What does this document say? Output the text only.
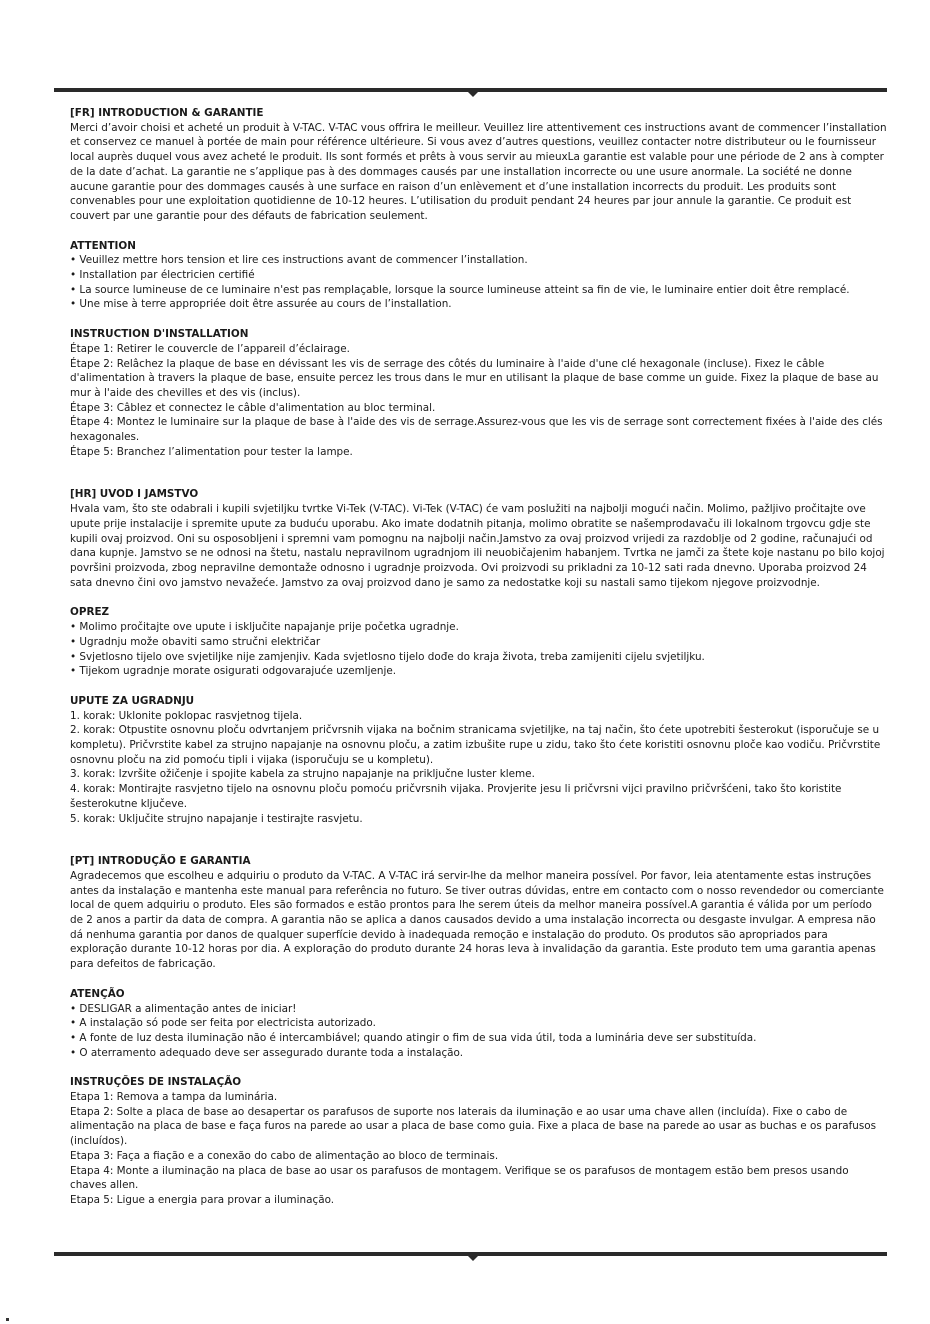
[FR] INTRODUCTION & GARANTIE

Merci d’avoir choisi et acheté un produit à V-TAC. V-TAC vous offrira le meilleur. Veuillez lire attentivement ces instructions avant de commencer l’installation et conservez ce manuel à portée de main pour référence ultérieure. Si vous avez d’autres questions, veuillez contacter notre distributeur ou le fournisseur local auprès duquel vous avez acheté le produit. Ils sont formés et prêts à vous servir au mieuxLa garantie est valable pour une période de 2 ans à compter de la date d’achat. La garantie ne s’applique pas à des dommages causés par une installation incorrecte ou une usure anormale. La société ne donne aucune garantie pour des dommages causés à une surface en raison d’un enlèvement et d’une installation incorrects du produit. Les produits sont convenables pour une exploitation quotidienne de 10-12 heures. L’utilisation du produit pendant 24 heures par jour annule la garantie. Ce produit est couvert par une garantie pour des défauts de fabrication seulement.

ATTENTION

• Veuillez mettre hors tension et lire ces instructions avant de commencer l’installation.
• Installation par électricien certifié
• La source lumineuse de ce luminaire n'est pas remplaçable, lorsque la source lumineuse atteint sa fin de vie, le luminaire entier doit être remplacé.
• Une mise à terre appropriée doit être assurée au cours de l’installation.

INSTRUCTION D'INSTALLATION

Étape 1: Retirer le couvercle de l’appareil d’éclairage.
Étape 2: Relâchez la plaque de base en dévissant les vis de serrage des côtés du luminaire à l'aide d'une clé hexagonale (incluse). Fixez le câble d'alimentation à travers la plaque de base, ensuite percez les trous dans le mur en utilisant la plaque de base comme un guide. Fixez la plaque de base au mur à l'aide des chevilles et des vis (inclus).
Étape 3: Câblez et connectez le câble d'alimentation au bloc terminal.
Étape 4: Montez le luminaire sur la plaque de base à l'aide des vis de serrage.Assurez-vous que les vis de serrage sont correctement fixées à l'aide des clés hexagonales.
Étape 5: Branchez l’alimentation pour tester la lampe.

[HR] UVOD I JAMSTVO

Hvala vam, što ste odabrali i kupili svjetiljku tvrtke Vi-Tek (V-TAC). Vi-Tek (V-TAC) će vam poslužiti na najbolji mogući način. Molimo, pažljivo pročitajte ove upute prije instalacije i spremite upute za buduću uporabu. Ako imate dodatnih pitanja, molimo obratite se našemprodavaču ili lokalnom trgovcu gdje ste kupili ovaj proizvod. Oni su osposobljeni i spremni vam pomognu na najbolji način.Jamstvo za ovaj proizvod vrijedi za razdoblje od 2 godine, računajući od dana kupnje. Jamstvo se ne odnosi na štetu, nastalu nepravilnom ugradnjom ili neuobičajenim habanjem. Tvrtka ne jamči za štete koje nastanu po bilo kojoj površini proizvoda, zbog nepravilne demontaže odnosno i ugradnje proizvoda. Ovi proizvodi su prikladni za 10-12 sati rada dnevno. Uporaba proizvod 24 sata dnevno čini ovo jamstvo nevažeće. Jamstvo za ovaj proizvod dano je samo za nedostatke koji su nastali samo tijekom njegove proizvodnje.

OPREZ

• Molimo pročitajte ove upute i isključite napajanje prije početka ugradnje.
• Ugradnju može obaviti samo stručni električar
• Svjetlosno tijelo ove svjetiljke nije zamjenjiv. Kada svjetlosno tijelo dođe do kraja života, treba zamijeniti cijelu svjetiljku.
• Tijekom ugradnje morate osigurati odgovarajuće uzemljenje.

UPUTE ZA UGRADNJU

1. korak: Uklonite poklopac rasvjetnog tijela.
2. korak: Otpustite osnovnu ploču odvrtanjem pričvrsnih vijaka na bočnim stranicama svjetiljke, na taj način, što ćete upotrebiti šesterokut (isporučuje se u kompletu). Pričvrstite kabel za strujno napajanje na osnovnu ploču, a zatim izbušite rupe u zidu, tako što ćete koristiti osnovnu ploče kao vodiču. Pričvrstite osnovnu ploču na zid pomoću tipli i vijaka (isporučuju se u kompletu).
3. korak: Izvršite ožičenje i spojite kabela za strujno napajanje na priključne luster kleme.
4. korak: Montirajte rasvjetno tijelo na osnovnu ploču pomoću pričvrsnih vijaka. Provjerite jesu li pričvrsni vijci pravilno pričvršćeni, tako što koristite šesterokutne ključeve.
5. korak: Uključite strujno napajanje i testirajte rasvjetu.

[PT] INTRODUÇÃO E GARANTIA

Agradecemos que escolheu e adquiriu o produto da V-TAC. A V-TAC irá servir-lhe da melhor maneira possível. Por favor, leia atentamente estas instruções antes da instalação e mantenha este manual para referência no futuro. Se tiver outras dúvidas, entre em contacto com o nosso revendedor ou comerciante local de quem adquiriu o produto. Eles são formados e estão prontos para lhe serem úteis da melhor maneira possível.A garantia é válida por um período de 2 anos a partir da data de compra. A garantia não se aplica a danos causados devido a uma instalação incorrecta ou desgaste invulgar. A empresa não dá nenhuma garantia por danos de qualquer superfície devido à inadequada remoção e instalação do produto. Os produtos são apropriados para exploração durante 10-12 horas por dia. A exploração do produto durante 24 horas leva à invalidação da garantia. Este produto tem uma garantia apenas para defeitos de fabricação.

ATENÇÃO

• DESLIGAR a alimentação antes de iniciar!
• A instalação só pode ser feita por electricista autorizado.
• A fonte de luz desta iluminação não é intercambiável; quando atingir o fim de sua vida útil, toda a luminária deve ser substituída.
• O aterramento adequado deve ser assegurado durante toda a instalação.

INSTRUÇÕES DE INSTALAÇÃO

Etapa 1: Remova a tampa da luminária.
Etapa 2: Solte a placa de base ao desapertar os parafusos de suporte nos laterais da iluminação e ao usar uma chave allen (incluída). Fixe o cabo de alimentação na placa de base e faça furos na parede ao usar a placa de base como guia. Fixe a placa de base na parede ao usar as buchas e os parafusos (incluídos).
Etapa 3: Faça a fiação e a conexão do cabo de alimentação ao bloco de terminais.
Etapa 4: Monte a iluminação na placa de base ao usar os parafusos de montagem. Verifique se os parafusos de montagem estão bem presos usando chaves allen.
Etapa 5: Ligue a energia para provar a iluminação.
